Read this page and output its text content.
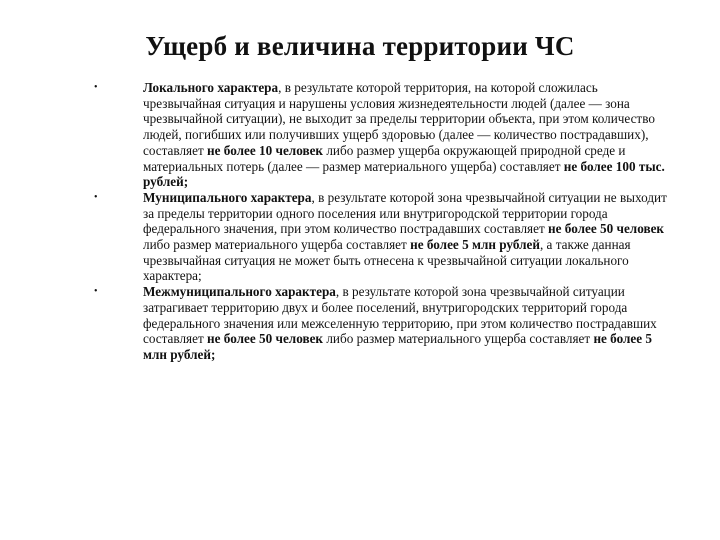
Ущерб и величина территории ЧС
•	Локального характера, в результате которой территория, на которой сложилась чрезвычайная ситуация и нарушены условия жизнедеятельности людей (далее — зона чрезвычайной ситуации), не выходит за пределы территории объекта, при этом количество людей, погибших или получивших ущерб здоровью (далее — количество пострадавших), составляет не более 10 человек либо размер ущерба окружающей природной среде и материальных потерь (далее — размер материального ущерба) составляет не более 100 тыс. рублей;
•	Муниципального характера, в результате которой зона чрезвычайной ситуации не выходит за пределы территории одного поселения или внутригородской территории города федерального значения, при этом количество пострадавших составляет не более 50 человек либо размер материального ущерба составляет не более 5 млн рублей, а также данная чрезвычайная ситуация не может быть отнесена к чрезвычайной ситуации локального характера;
•	Межмуниципального характера, в результате которой зона чрезвычайной ситуации затрагивает территорию двух и более поселений, внутригородских территорий города федерального значения или межселенную территорию, при этом количество пострадавших составляет не более 50 человек либо размер материального ущерба составляет не более 5 млн рублей;
